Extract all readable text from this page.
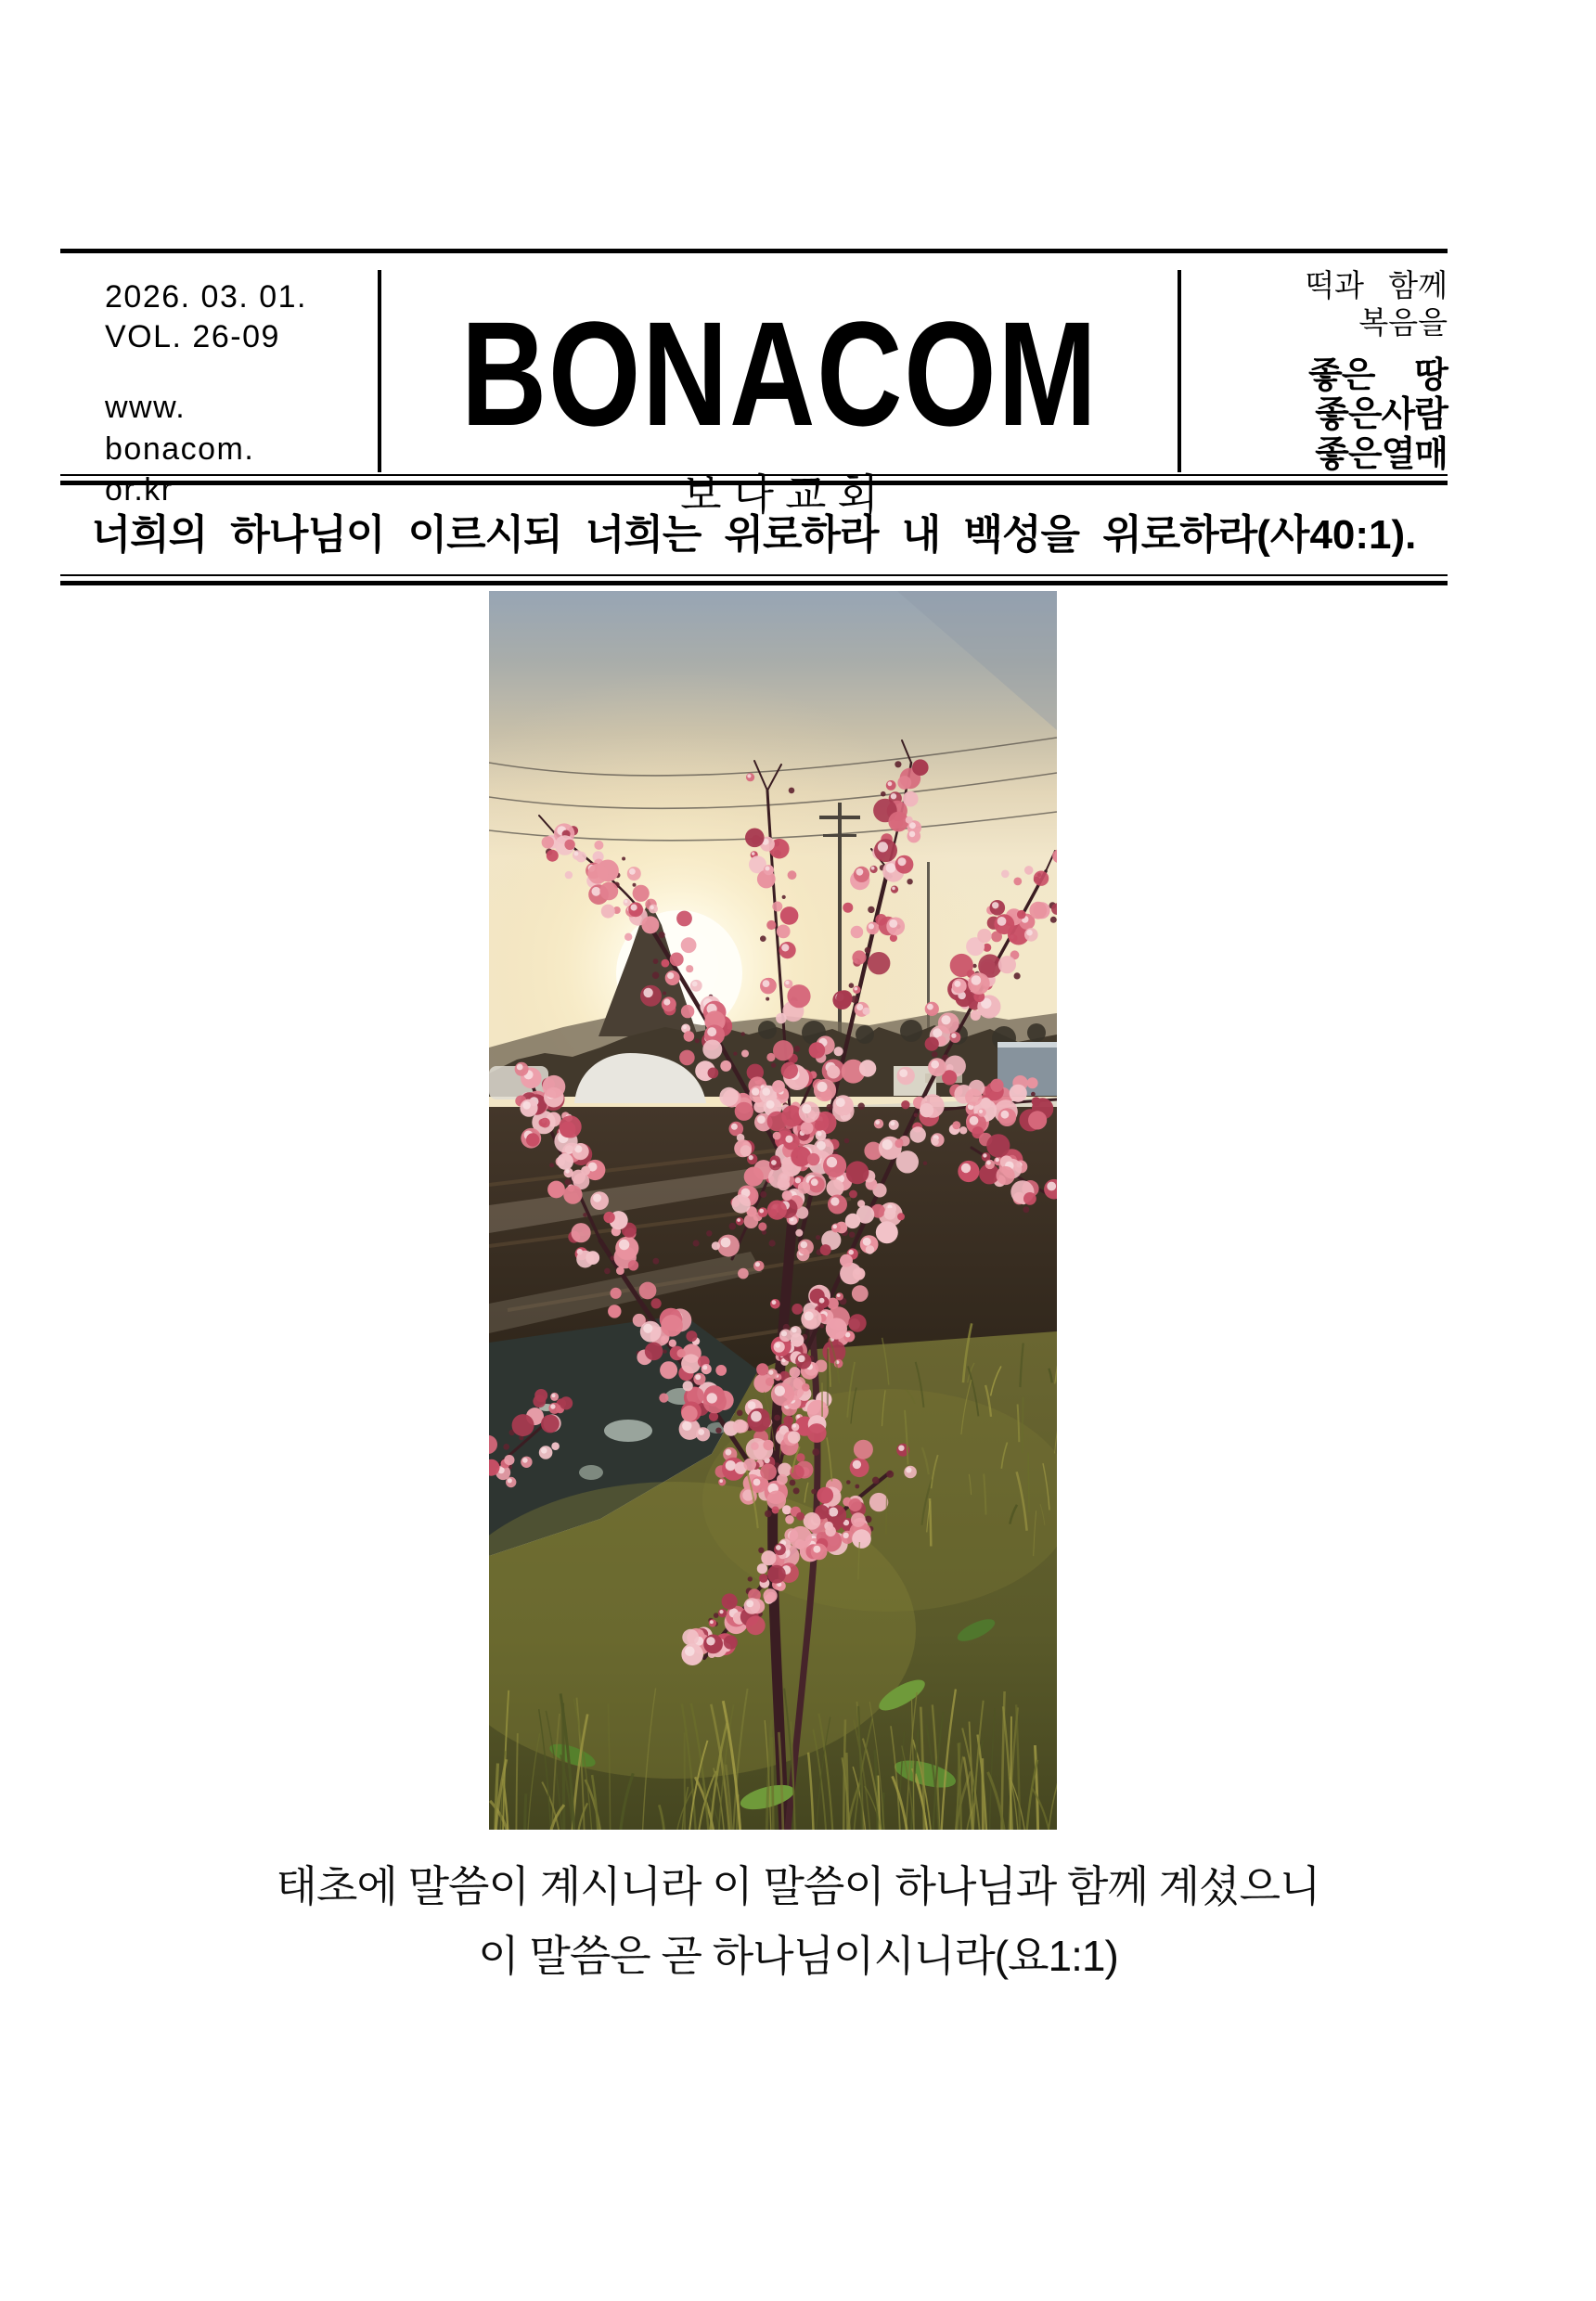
2026. 03. 01.
VOL. 26-09
www.
bonacom.
or.kr
BONACOM
보나교회
떡과 함께
복음을
좋은 땅
좋은사람
좋은열매
너희의 하나님이 이르시되 너희는 위로하라 내 백성을 위로하라(사40:1).
태초에 말씀이 계시니라 이 말씀이 하나님과 함께 계셨으니
이 말씀은 곧 하나님이시니라(요1:1)
